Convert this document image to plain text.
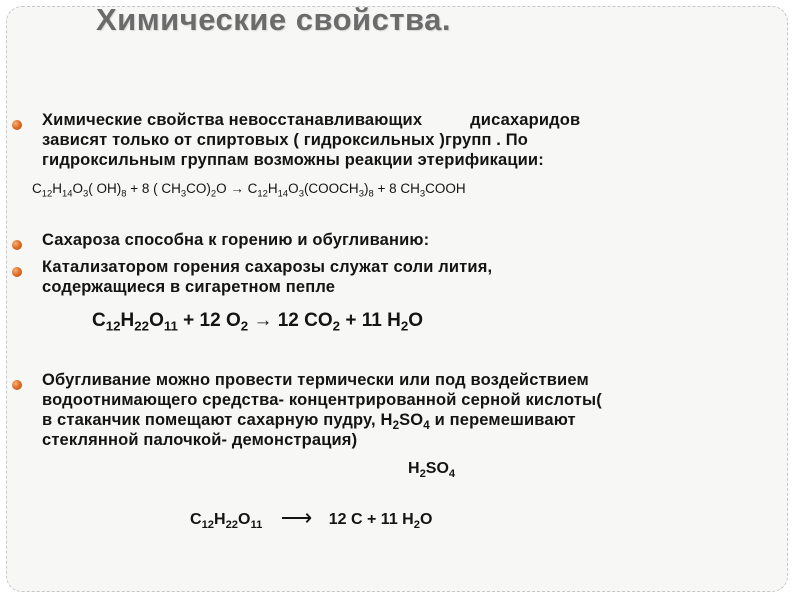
Химические свойства.
Химические свойства невосстанавливающих	дисахаридов
зависят только от спиртовых ( гидроксильных )групп . По
гидроксильным группам возможны реакции этерификации:
$C_{12}H_{14}O_3$( $OH)_8 + 8$ ( $CH_3CO)_2O$ → $C_{12}H_{14}O_3(COOCH_3)_8 + 8$ $CH_3COOH$
Сахароза способна к горению и обугливанию:
Катализатором горения сахарозы служат соли лития,
содержащиеся в сигаретном пепле
$C_{12}H_{22}O_{11} + 12$ $O_2 \to 12$ $CO_2 + 11$ $H_2O$
Обугливание можно провести термически или под воздействием
водоотнимающего средства- концентрированной серной кислоты(
в стаканчик помещают сахарную пудру, $H_2SO_4$ и перемешивают
стеклянной палочкой- демонстрация)
$H_2SO_4$
$C_{12}H_{22}O_{11}$ ⟶ 12 C + 11 $H_2O$
